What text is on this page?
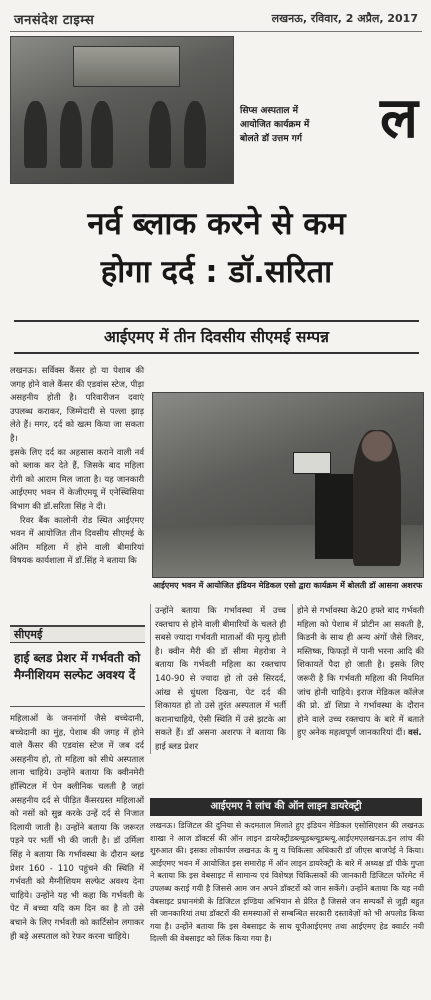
जनसंदेश टाइम्स	लखनऊ, रविवार, 2 अप्रैल, 2017
सिप्स अस्पताल में आयोजित कार्यक्रम में बोलते डॉ उत्तम गर्ग ल
नर्व ब्लाक करने से कम
होगा दर्द : डॉ.सरिता
आईएमए में तीन दिवसीय सीएमई सम्पन्न

लखनऊ। सर्विक्स कैंसर हो या पेशाब की जगह होने वाले कैंसर की एडवांस स्टेज, पीड़ा असहनीय होती है। परिवारीजन दवाएं उपलब्ध कराकर, जिम्मेदारी से पल्ला झाड़ लेते हैं। मगर, दर्द को खत्म किया जा सकता है।

इसके लिए दर्द का अहसास कराने वाली नर्व को ब्लाक कर देते हैं, जिसके बाद महिला रोगी को आराम मिल जाता है। यह जानकारी आईएमए भवन में केजीएमयू में एनेस्थिसिया विभाग की डॉ.सरिता सिंह ने दी।

रिवर बैंक कालोनी रोड स्थित आईएमए भवन में आयोजित तीन दिवसीय सीएमई के अंतिम महिला में होने वाली बीमारियां विषयक कार्यशाला में डॉ.सिंह ने बताया कि

आईएमए भवन में आयोजित इंडियन मेडिकल एसो द्वारा कार्यक्रम में बोलती डॉ आसना अशरफ
सीएमई
हाई ब्लड प्रेशर में गर्भवती को मैग्नीशियम सल्फेट अवश्य दें
महिलाओं के जननांगों जैसे बच्चेदानी, बच्चेदानी का मुंह, पेशाब की जगह में होने वाले कैंसर की एडवांस स्टेज में जब दर्द असहनीय हो, तो महिला को सीधे अस्पताल लाना चाहिये। उन्होंने बताया कि क्वीनमेरी हॉस्पिटल में पेन क्लीनिक चलती है जहां असहनीय दर्द से पीड़ित कैंसरग्रस्त महिलाओं को नसों को सुन्न करके उन्हें दर्द से निजात दिलायी जाती है। उन्होंने बताया कि जरूरत पड़ने पर भर्ती भी की जाती है। डॉ उर्मिला सिंह ने बताया कि गर्भावस्था के दौरान ब्लड प्रेशर 160 - 110 पहुंचने की स्थिति में गर्भवती को मैग्नीशियम सल्फेट अवश्य देना चाहिये। उन्होंने यह भी कहा कि गर्भवती के पेट में बच्चा यदि कम दिन का है तो उसे बचाने के लिए गर्भवती को कार्टिसोन लगाकर ही बड़े अस्पताल को रेफर करना चाहिये।
उन्होंने बताया कि गर्भावस्था में उच्च रक्तचाप से होने वाली बीमारियों के चलते ही सबसे ज्यादा गर्भवती माताओं की मृत्यु होती है। क्वीन मैरी की डॉ सीमा मेहरोत्रा ने बताया कि गर्भवती महिला का रक्तचाप 140-90 से ज्यादा हो तो उसे सिरदर्द, आंख से धुंधला दिखना, पेट दर्द की शिकायत हो तो उसे तुरंत अस्पताल में भर्ती करानाचाहिये, ऐसी स्थिति में उसे झटके आ सकते हैं। डॉ असना अशरफ ने बताया कि हाई ब्लड प्रेशर
होने से गर्भावस्था के20 हफ्ते बाद गर्भवती महिला को पेशाब में प्रोटीन आ सकती है, किडनी के साथ ही अन्य अंगों जैसे लिवर, मस्तिष्क, फिफड़ों में पानी भरना आदि की शिकायतें पैदा हो जाती है। इसके लिए जरूरी है कि गर्भवती महिला की नियमित जांच होनी चाहिये। इराज मेडिकल कॉलेज की प्रो. डॉ शिप्रा ने गर्भावस्था के दौरान होने वाले उच्च रक्तचाप के बारे में बताते हुए अनेक महत्वपूर्ण जानकारियां दीं। वसं.
आईएमए ने लांच की ऑन लाइन डायरेक्ट्री
लखनऊ। डिजिटल की दुनिया से कदमताल मिलाते हुए इंडियन मेडिकल एसोसिएशन की लखनऊ शाखा ने आज डॉक्टर्स की ऑन लाइन डायरेक्ट्रीडब्ल्यूडब्ल्यूडब्ल्यू.आईएमएलखनऊ.इन लांच की शुरुआत की। इसका लोकार्पण लखनऊ के मु य चिकित्सा अधिकारी डॉ जीएस बाजपेई ने किया। आईएमए भवन में आयोजित इस समारोह में ऑन लाइन डायरेक्ट्री के बारे में अध्यक्ष डॉ पीके गुप्ता ने बताया कि इस वेबसाइट में सामान्य एवं विशेषज्ञ चिकित्सकों की जानकारी डिजिटल फॉरमेट में उपलब्ध कराई गयी है जिससे आम जन अपने डॉक्टरों को जान सकेंगे। उन्होंने बताया कि यह नयी वेबसाइट प्रधानमंत्री के डिजिटल इण्डिया अभियान से प्रेरित है जिससे जन सम्पर्कों से जुड़ी बहुत सी जानकारियां तथा डॉक्टरों की समस्याओं से सम्बन्धित सरकारी दस्तावेज़ों को भी अपलोड किया गया है। उन्होंने बताया कि इस वेबसाइट के साथ यूपीआईएमए तथा आईएमए हेड क्वार्टर नयी दिल्ली की वेबसाइट को लिंक किया गया है।
